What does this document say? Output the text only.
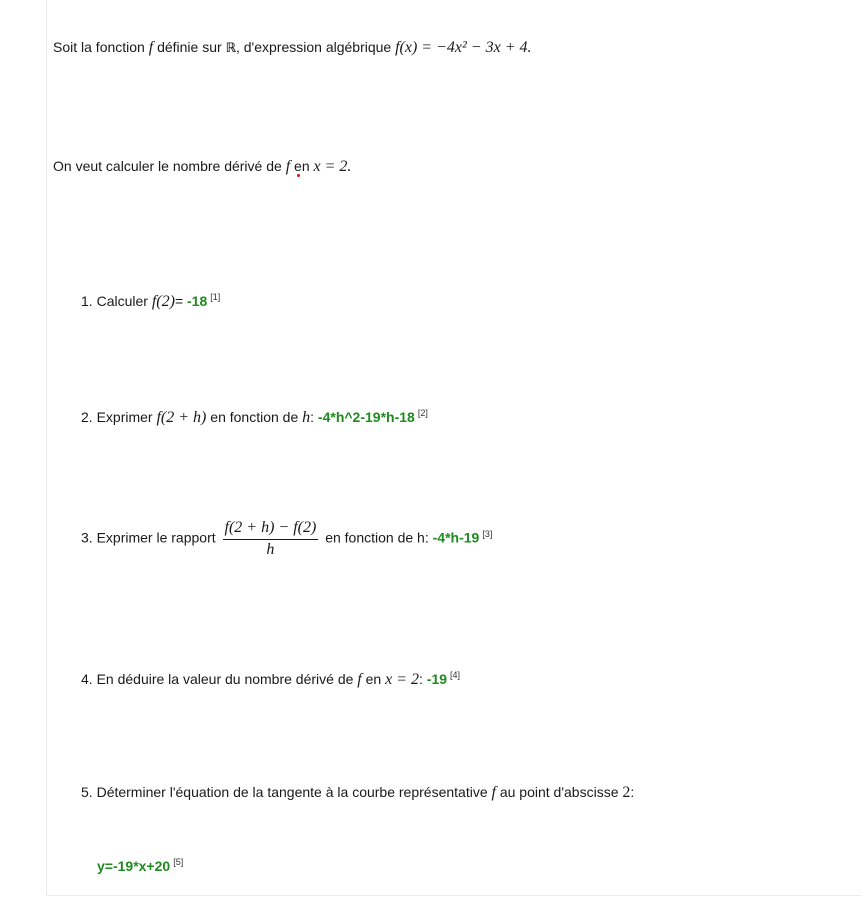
Soit la fonction f définie sur ℝ, d'expression algébrique f(x) = −4x² − 3x + 4.
On veut calculer le nombre dérivé de f en x = 2.
1. Calculer f(2)= -18 [1]
2. Exprimer f(2 + h) en fonction de h: -4*h^2-19*h-18 [2]
3. Exprimer le rapport $\frac{f(2 + h) - f(2)}{h}$ en fonction de h: -4*h-19 [3]
4. En déduire la valeur du nombre dérivé de f en x = 2: -19 [4]
5. Déterminer l'équation de la tangente à la courbe représentative f au point d'abscisse 2:
y=-19*x+20 [5]
